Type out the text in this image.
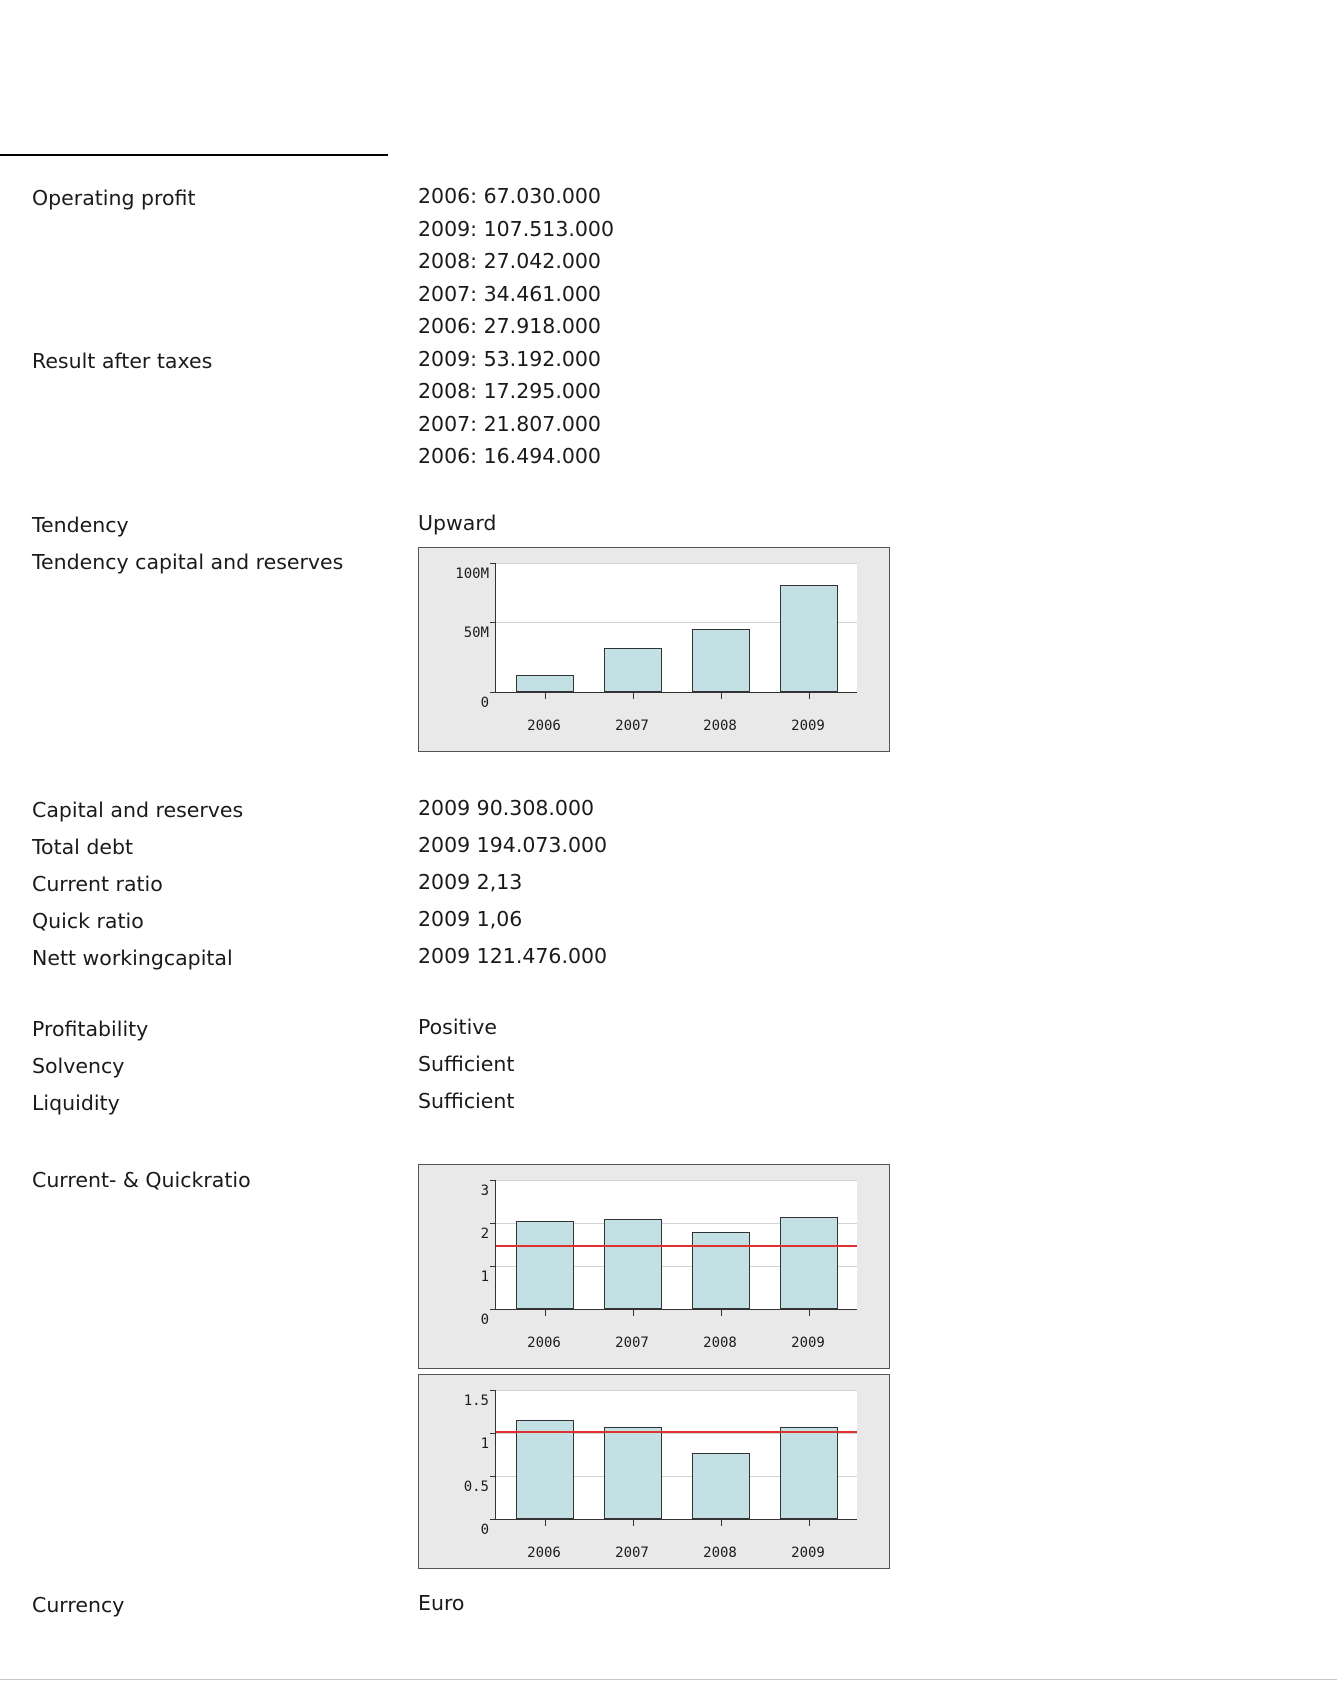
Operating profit	2006: 67.030.000
2009: 107.513.000
2008: 27.042.000
2007: 34.461.000
2006: 27.918.000
Result after taxes	2009: 53.192.000
2008: 17.295.000
2007: 21.807.000
2006: 16.494.000
Tendency	Upward
Tendency capital and reserves	100M
50M
0
2006	2007	2008	2009
Capital and reserves	2009 90.308.000
Total debt	2009 194.073.000
Current ratio	2009 2,13
Quick ratio	2009 1,06
Nett workingcapital	2009 121.476.000
Profitability	Positive
Solvency	Sufficient
Liquidity	Sufficient
Current- & Quickratio	3
2
1
0
2006	2007	2008	2009
1.5
1
0.5
0
2006	2007	2008	2009
Currency	Euro
